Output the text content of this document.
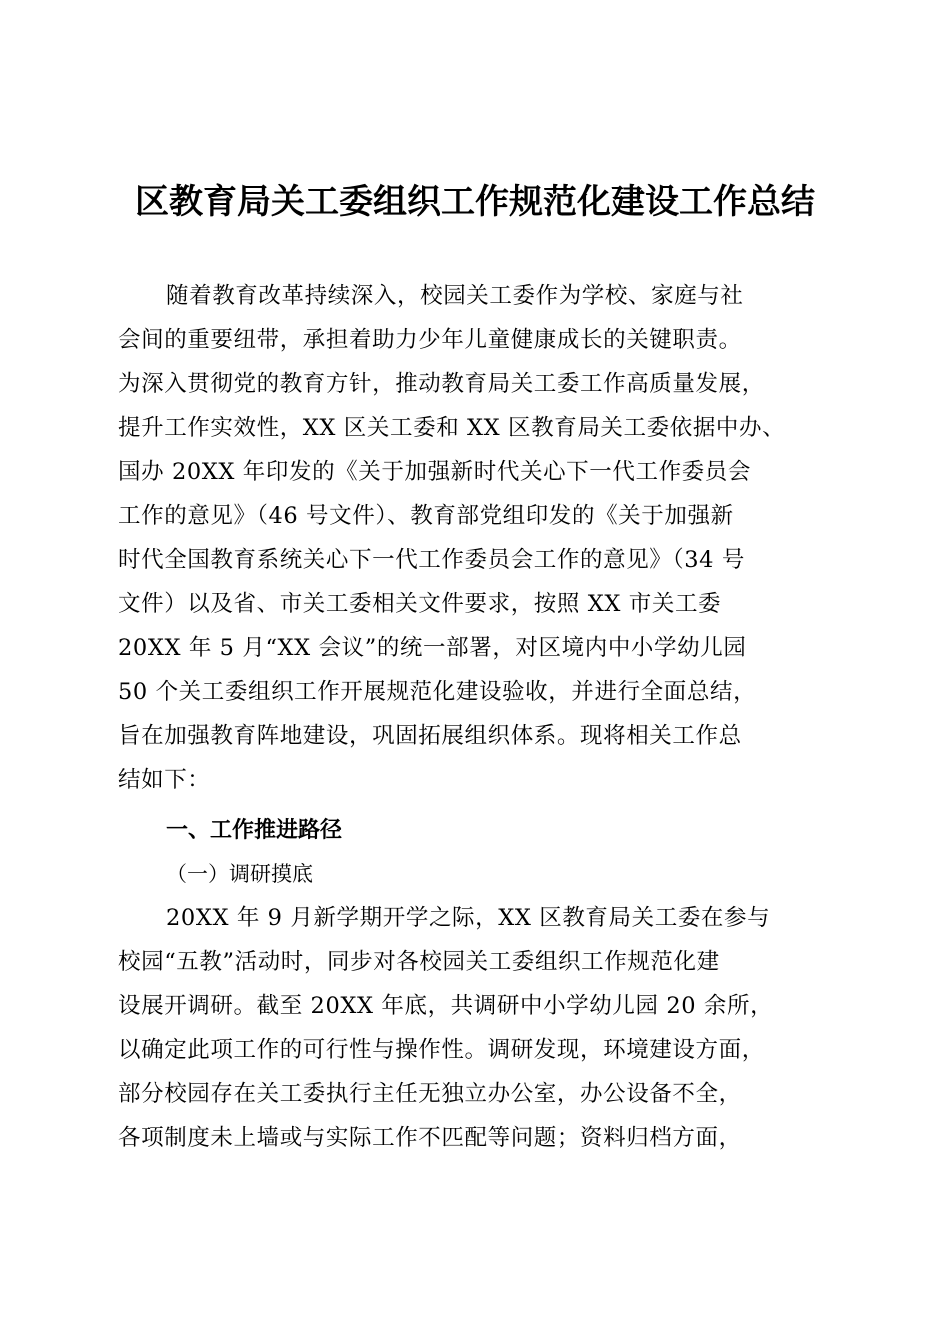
区教育局关工委组织工作规范化建设工作总结
随着教育改革持续深入，校园关工委作为学校、家庭与社
会间的重要纽带，承担着助力少年儿童健康成长的关键职责。
为深入贯彻党的教育方针，推动教育局关工委工作高质量发展，
提升工作实效性，XX 区关工委和 XX 区教育局关工委依据中办、
国办 20XX 年印发的《关于加强新时代关心下一代工作委员会
工作的意见》（46 号文件）、教育部党组印发的《关于加强新
时代全国教育系统关心下一代工作委员会工作的意见》（34 号
文件）以及省、市关工委相关文件要求，按照 XX 市关工委
20XX 年 5 月“XX 会议”的统一部署，对区境内中小学幼儿园
50 个关工委组织工作开展规范化建设验收，并进行全面总结，
旨在加强教育阵地建设，巩固拓展组织体系。现将相关工作总
结如下：
一、工作推进路径
（一）调研摸底
20XX 年 9 月新学期开学之际，XX 区教育局关工委在参与
校园“五教”活动时，同步对各校园关工委组织工作规范化建
设展开调研。截至 20XX 年底，共调研中小学幼儿园 20 余所，
以确定此项工作的可行性与操作性。调研发现，环境建设方面，
部分校园存在关工委执行主任无独立办公室，办公设备不全，
各项制度未上墙或与实际工作不匹配等问题；资料归档方面，
